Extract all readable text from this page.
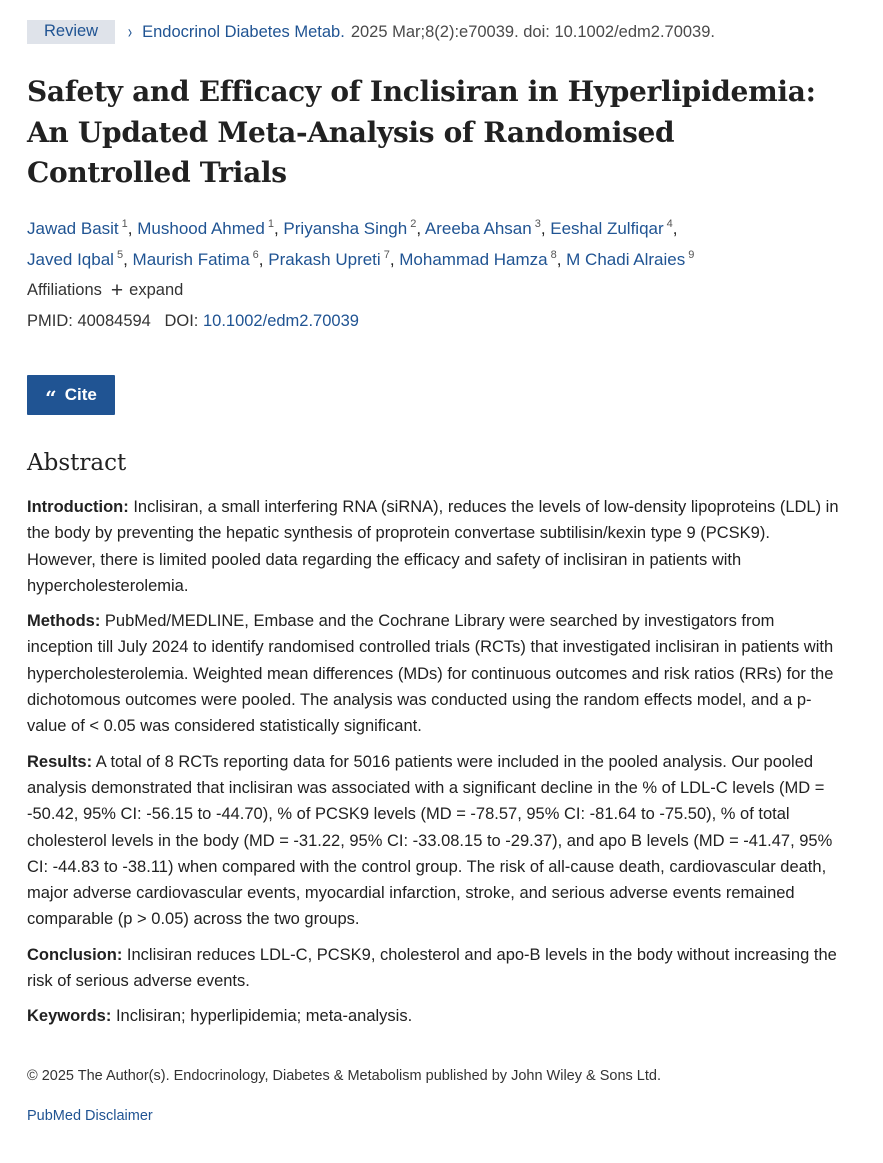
Review	› Endocrinol Diabetes Metab. 2025 Mar;8(2):e70039. doi: 10.1002/edm2.70039.
Safety and Efficacy of Inclisiran in Hyperlipidemia:
An Updated Meta-Analysis of Randomised
Controlled Trials
Jawad Basit $^1$, Mushood Ahmed $^1$, Priyansha Singh $^2$, Areeba Ahsan $^3$, Eeshal Zulfiqar $^4$,
Javed Iqbal $^5$, Maurish Fatima $^6$, Prakash Upreti $^7$, Mohammad Hamza $^8$, M Chadi Alraies $^9$
Affiliations + expand
PMID: 40084594 DOI: 10.1002/edm2.70039
“ Cite
Abstract

Introduction: Inclisiran, a small interfering RNA (siRNA), reduces the levels of low-density lipoproteins (LDL) in the body by preventing the hepatic synthesis of proprotein convertase subtilisin/kexin type 9 (PCSK9). However, there is limited pooled data regarding the efficacy and safety of inclisiran in patients with hypercholesterolemia.

Methods: PubMed/MEDLINE, Embase and the Cochrane Library were searched by investigators from inception till July 2024 to identify randomised controlled trials (RCTs) that investigated inclisiran in patients with hypercholesterolemia. Weighted mean differences (MDs) for continuous outcomes and risk ratios (RRs) for the dichotomous outcomes were pooled. The analysis was conducted using the random effects model, and a p-value of < 0.05 was considered statistically significant.

Results: A total of 8 RCTs reporting data for 5016 patients were included in the pooled analysis. Our pooled analysis demonstrated that inclisiran was associated with a significant decline in the % of LDL-C levels (MD = -50.42, 95% CI: -56.15 to -44.70), % of PCSK9 levels (MD = -78.57, 95% CI: -81.64 to -75.50), % of total cholesterol levels in the body (MD = -31.22, 95% CI: -33.08.15 to -29.37), and apo B levels (MD = -41.47, 95% CI: -44.83 to -38.11) when compared with the control group. The risk of all-cause death, cardiovascular death, major adverse cardiovascular events, myocardial infarction, stroke, and serious adverse events remained comparable (p > 0.05) across the two groups.

Conclusion: Inclisiran reduces LDL-C, PCSK9, cholesterol and apo-B levels in the body without increasing the risk of serious adverse events.

Keywords: Inclisiran; hyperlipidemia; meta-analysis.

© 2025 The Author(s). Endocrinology, Diabetes & Metabolism published by John Wiley & Sons Ltd.
PubMed Disclaimer
